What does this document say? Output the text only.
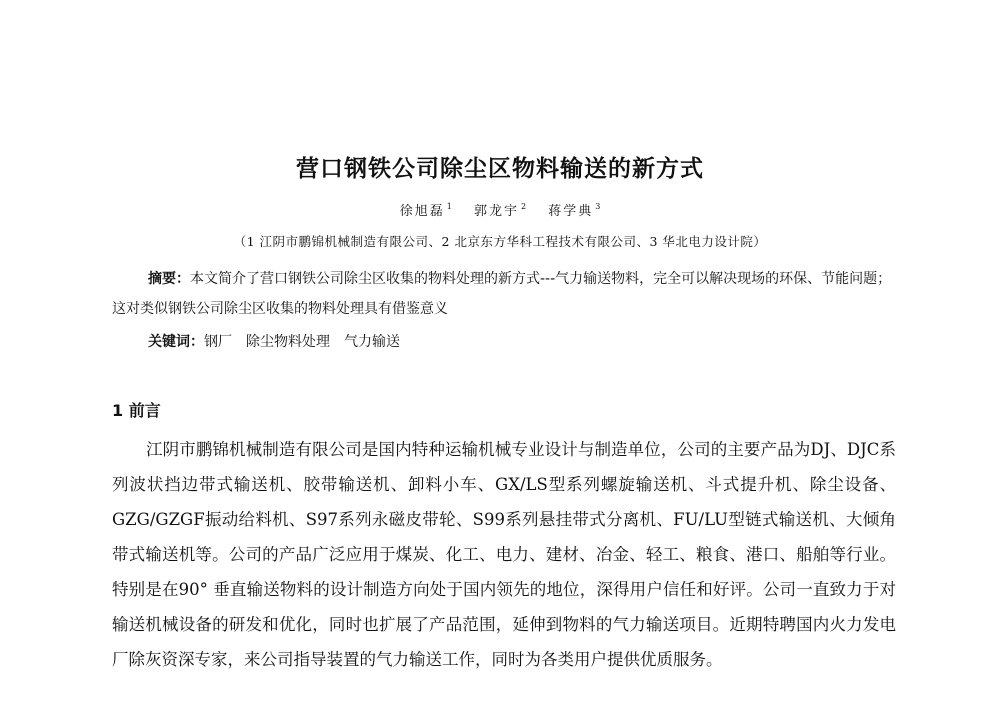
营口钢铁公司除尘区物料输送的新方式
徐旭磊 $^1$ 郭龙宇 $^2$ 蒋学典 $^3$
（1 江阴市鹏锦机械制造有限公司、2 北京东方华科工程技术有限公司、3 华北电力设计院）
摘要：本文简介了营口钢铁公司除尘区收集的物料处理的新方式---气力输送物料，完全可以解决现场的环保、节能问题；这对类似钢铁公司除尘区收集的物料处理具有借鉴意义
关键词：钢厂 除尘物料处理 气力输送
1 前言
江阴市鹏锦机械制造有限公司是国内特种运输机械专业设计与制造单位，公司的主要产品为DJ、DJC系列波状挡边带式输送机、胶带输送机、卸料小车、GX/LS型系列螺旋输送机、斗式提升机、除尘设备、GZG/GZGF振动给料机、S97系列永磁皮带轮、S99系列悬挂带式分离机、FU/LU型链式输送机、大倾角带式输送机等。公司的产品广泛应用于煤炭、化工、电力、建材、冶金、轻工、粮食、港口、船舶等行业。特别是在90° 垂直输送物料的设计制造方向处于国内领先的地位，深得用户信任和好评。公司一直致力于对输送机械设备的研发和优化，同时也扩展了产品范围，延伸到物料的气力输送项目。近期特聘国内火力发电厂除灰资深专家，来公司指导装置的气力输送工作，同时为各类用户提供优质服务。
